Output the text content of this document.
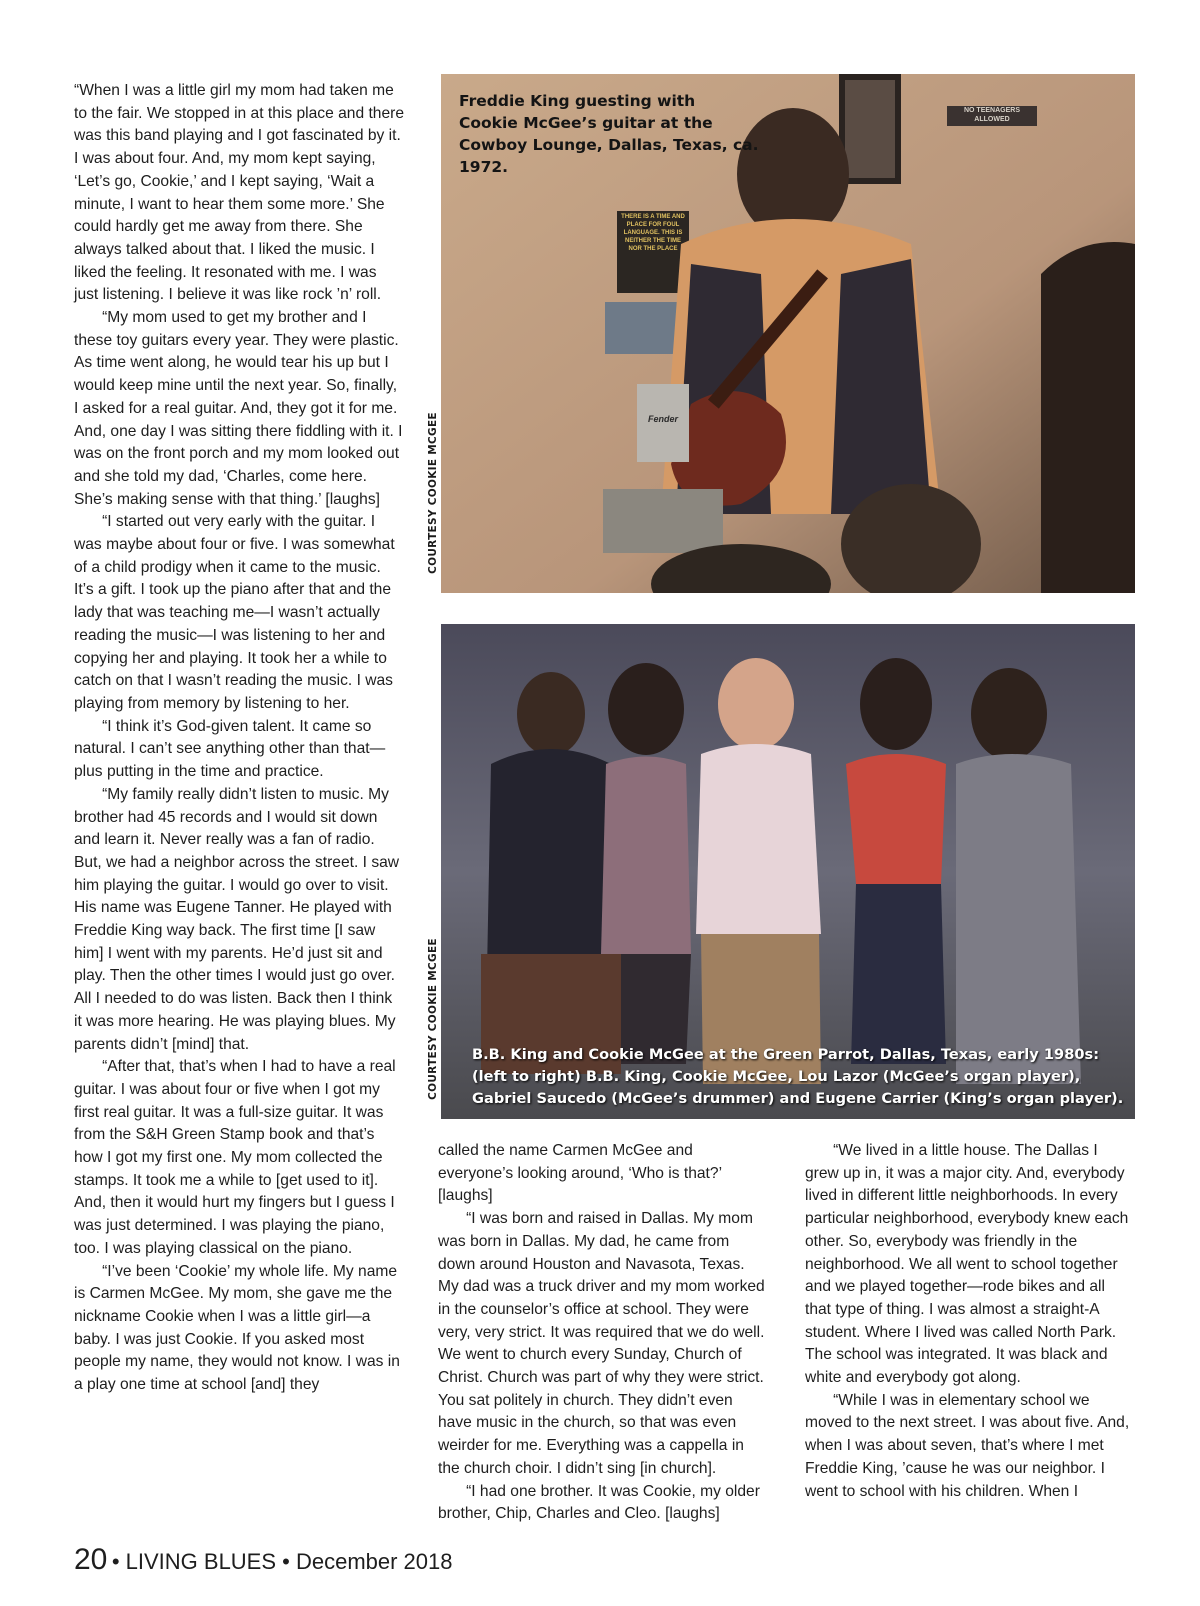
“When I was a little girl my mom had taken me to the fair. We stopped in at this place and there was this band playing and I got fascinated by it. I was about four. And, my mom kept saying, ‘Let’s go, Cookie,’ and I kept saying, ‘Wait a minute, I want to hear them some more.’ She could hardly get me away from there. She always talked about that. I liked the music. I liked the feeling. It resonated with me. I was just listening. I believe it was like rock ’n’ roll.

“My mom used to get my brother and I these toy guitars every year. They were plastic. As time went along, he would tear his up but I would keep mine until the next year. So, finally, I asked for a real guitar. And, they got it for me. And, one day I was sitting there fiddling with it. I was on the front porch and my mom looked out and she told my dad, ‘Charles, come here. She’s making sense with that thing.’ [laughs]

“I started out very early with the guitar. I was maybe about four or five. I was somewhat of a child prodigy when it came to the music. It’s a gift. I took up the piano after that and the lady that was teaching me—I wasn’t actually reading the music—I was listening to her and copying her and playing. It took her a while to catch on that I wasn’t reading the music. I was playing from memory by listening to her.

“I think it’s God-given talent. It came so natural. I can’t see anything other than that—plus putting in the time and practice.

“My family really didn’t listen to music. My brother had 45 records and I would sit down and learn it. Never really was a fan of radio. But, we had a neighbor across the street. I saw him playing the guitar. I would go over to visit. His name was Eugene Tanner. He played with Freddie King way back. The first time [I saw him] I went with my parents. He’d just sit and play. Then the other times I would just go over. All I needed to do was listen. Back then I think it was more hearing. He was playing blues. My parents didn’t [mind] that.

“After that, that’s when I had to have a real guitar. I was about four or five when I got my first real guitar. It was a full-size guitar. It was from the S&H Green Stamp book and that’s how I got my first one. My mom collected the stamps. It took me a while to [get used to it]. And, then it would hurt my fingers but I guess I was just determined. I was playing the piano, too. I was playing classical on the piano.

“I’ve been ‘Cookie’ my whole life. My name is Carmen McGee. My mom, she gave me the nickname Cookie when I was a little girl—a baby. I was just Cookie. If you asked most people my name, they would not know. I was in a play one time at school [and] they

COURTESY COOKIE MCGEE
COURTESY COOKIE MCGEE
NO TEENAGERS ALLOWED
THERE IS A TIME AND PLACE FOR FOUL LANGUAGE. THIS IS NEITHER THE TIME NOR THE PLACE
Fender
Freddie King guesting with Cookie McGee’s guitar at the Cowboy Lounge, Dallas, Texas, ca. 1972.
B.B. King and Cookie McGee at the Green Parrot, Dallas, Texas, early 1980s: (left to right) B.B. King, Cookie McGee, Lou Lazor (McGee’s organ player), Gabriel Saucedo (McGee’s drummer) and Eugene Carrier (King’s organ player).

called the name Carmen McGee and everyone’s looking around, ‘Who is that?’ [laughs]

“I was born and raised in Dallas. My mom was born in Dallas. My dad, he came from down around Houston and Navasota, Texas. My dad was a truck driver and my mom worked in the counselor’s office at school. They were very, very strict. It was required that we do well. We went to church every Sunday, Church of Christ. Church was part of why they were strict. You sat politely in church. They didn’t even have music in the church, so that was even weirder for me. Everything was a cappella in the church choir. I didn’t sing [in church].

“I had one brother. It was Cookie, my older brother, Chip, Charles and Cleo. [laughs]

“We lived in a little house. The Dallas I grew up in, it was a major city. And, everybody lived in different little neighborhoods. In every particular neighborhood, everybody knew each other. So, everybody was friendly in the neighborhood. We all went to school together and we played together—rode bikes and all that type of thing. I was almost a straight-A student. Where I lived was called North Park. The school was integrated. It was black and white and everybody got along.

“While I was in elementary school we moved to the next street. I was about five. And, when I was about seven, that’s where I met Freddie King, ’cause he was our neighbor. I went to school with his children. When I

20 • LIVING BLUES • December 2018
